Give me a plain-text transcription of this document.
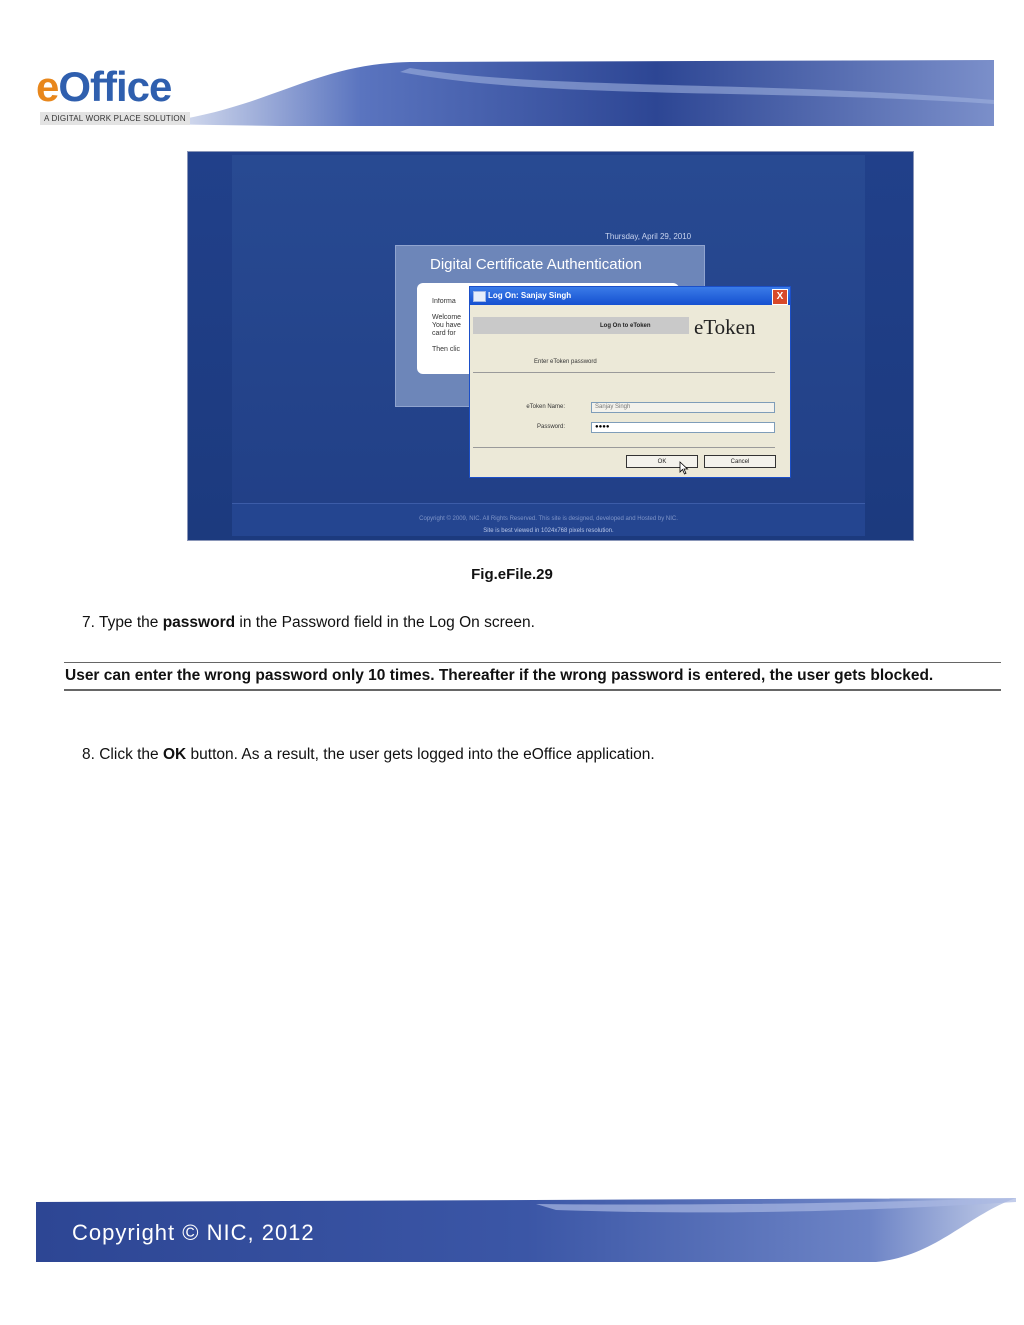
eOffice
A DIGITAL WORK PLACE SOLUTION
Thursday, April 29, 2010
Digital Certificate Authentication
Informa

Welcome
You have
card for

Then clic
Log On: Sanjay Singh	X
Log On to eToken eToken
Enter eToken password
eToken Name:	Sanjay Singh
Password:	●●●●
OK	Cancel
Copyright © 2009, NIC. All Rights Reserved. This site is designed, developed and Hosted by NIC.
Site is best viewed in 1024x768 pixels resolution.
Fig.eFile.29
7. Type the password in the Password field in the Log On screen.
User can enter the wrong password only 10 times. Thereafter if the wrong password is entered, the user gets blocked.
8. Click the OK button. As a result, the user gets logged into the eOffice application.
Copyright © NIC, 2012
